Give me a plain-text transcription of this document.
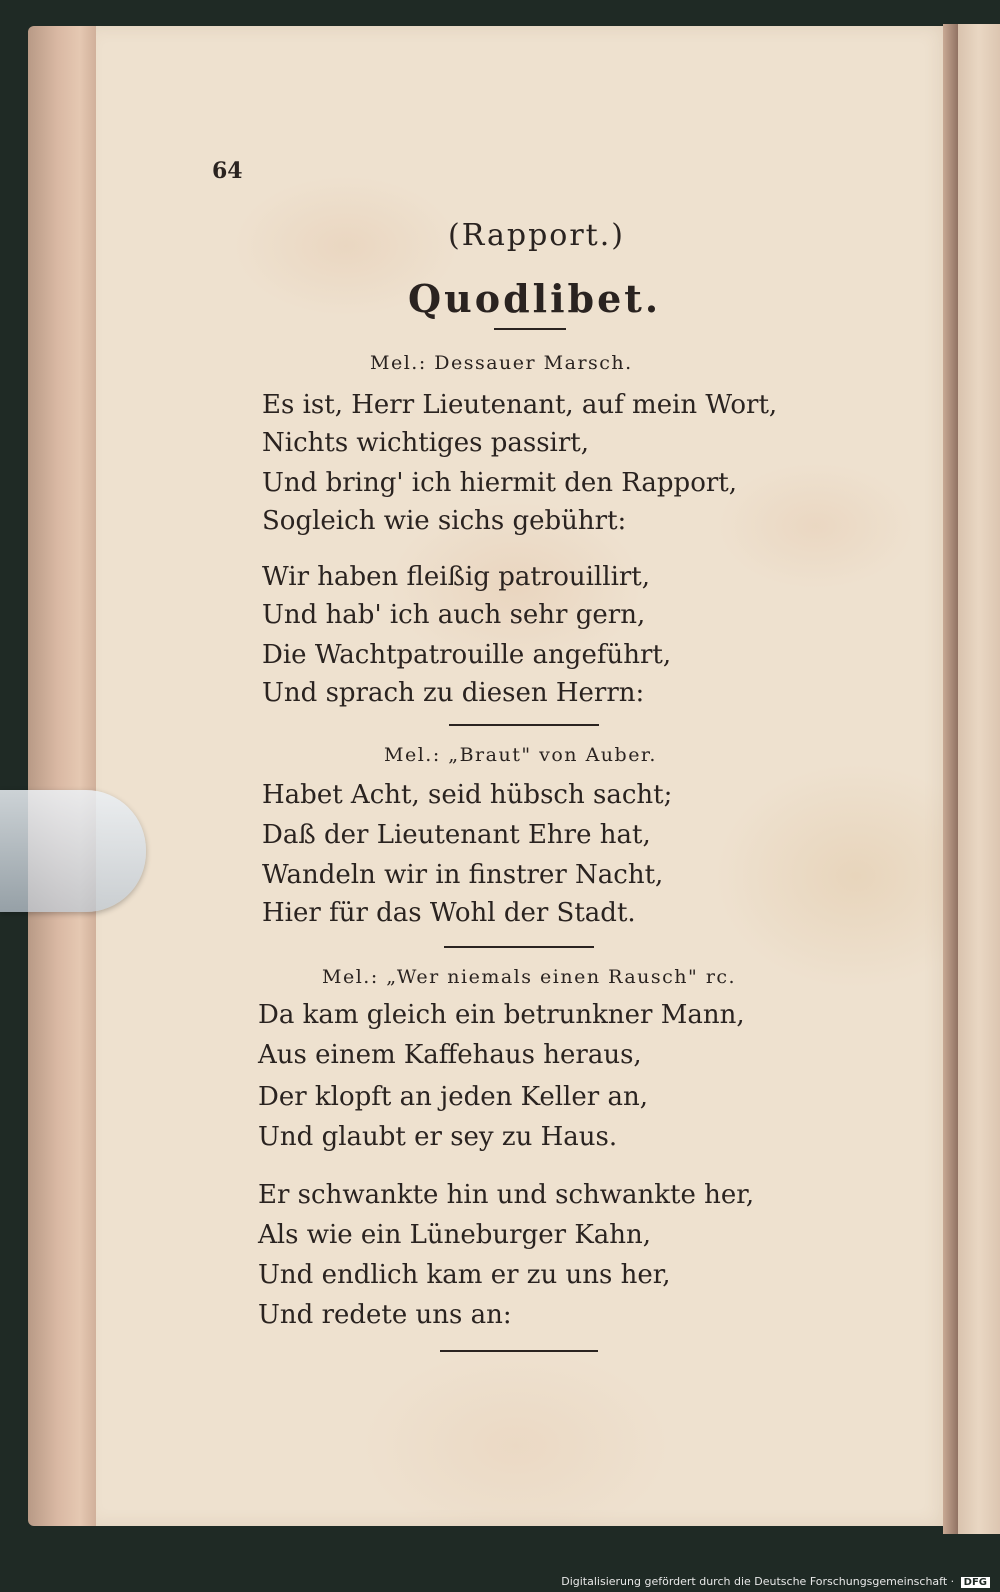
64
(Rapport.)
Quodlibet.
Mel.: Dessauer Marsch.
Es ist, Herr Lieutenant, auf mein Wort,
Nichts wichtiges passirt,
Und bring' ich hiermit den Rapport,
Sogleich wie sichs gebührt:
Wir haben fleißig patrouillirt,
Und hab' ich auch sehr gern,
Die Wachtpatrouille angeführt,
Und sprach zu diesen Herrn:
Mel.: „Braut" von Auber.
Habet Acht, seid hübsch sacht;
Daß der Lieutenant Ehre hat,
Wandeln wir in finstrer Nacht,
Hier für das Wohl der Stadt.
Mel.: „Wer niemals einen Rausch" rc.
Da kam gleich ein betrunkner Mann,
Aus einem Kaffehaus heraus,
Der klopft an jeden Keller an,
Und glaubt er sey zu Haus.
Er schwankte hin und schwankte her,
Als wie ein Lüneburger Kahn,
Und endlich kam er zu uns her,
Und redete uns an:
Digitalisierung gefördert durch die Deutsche Forschungsgemeinschaft · DFG
